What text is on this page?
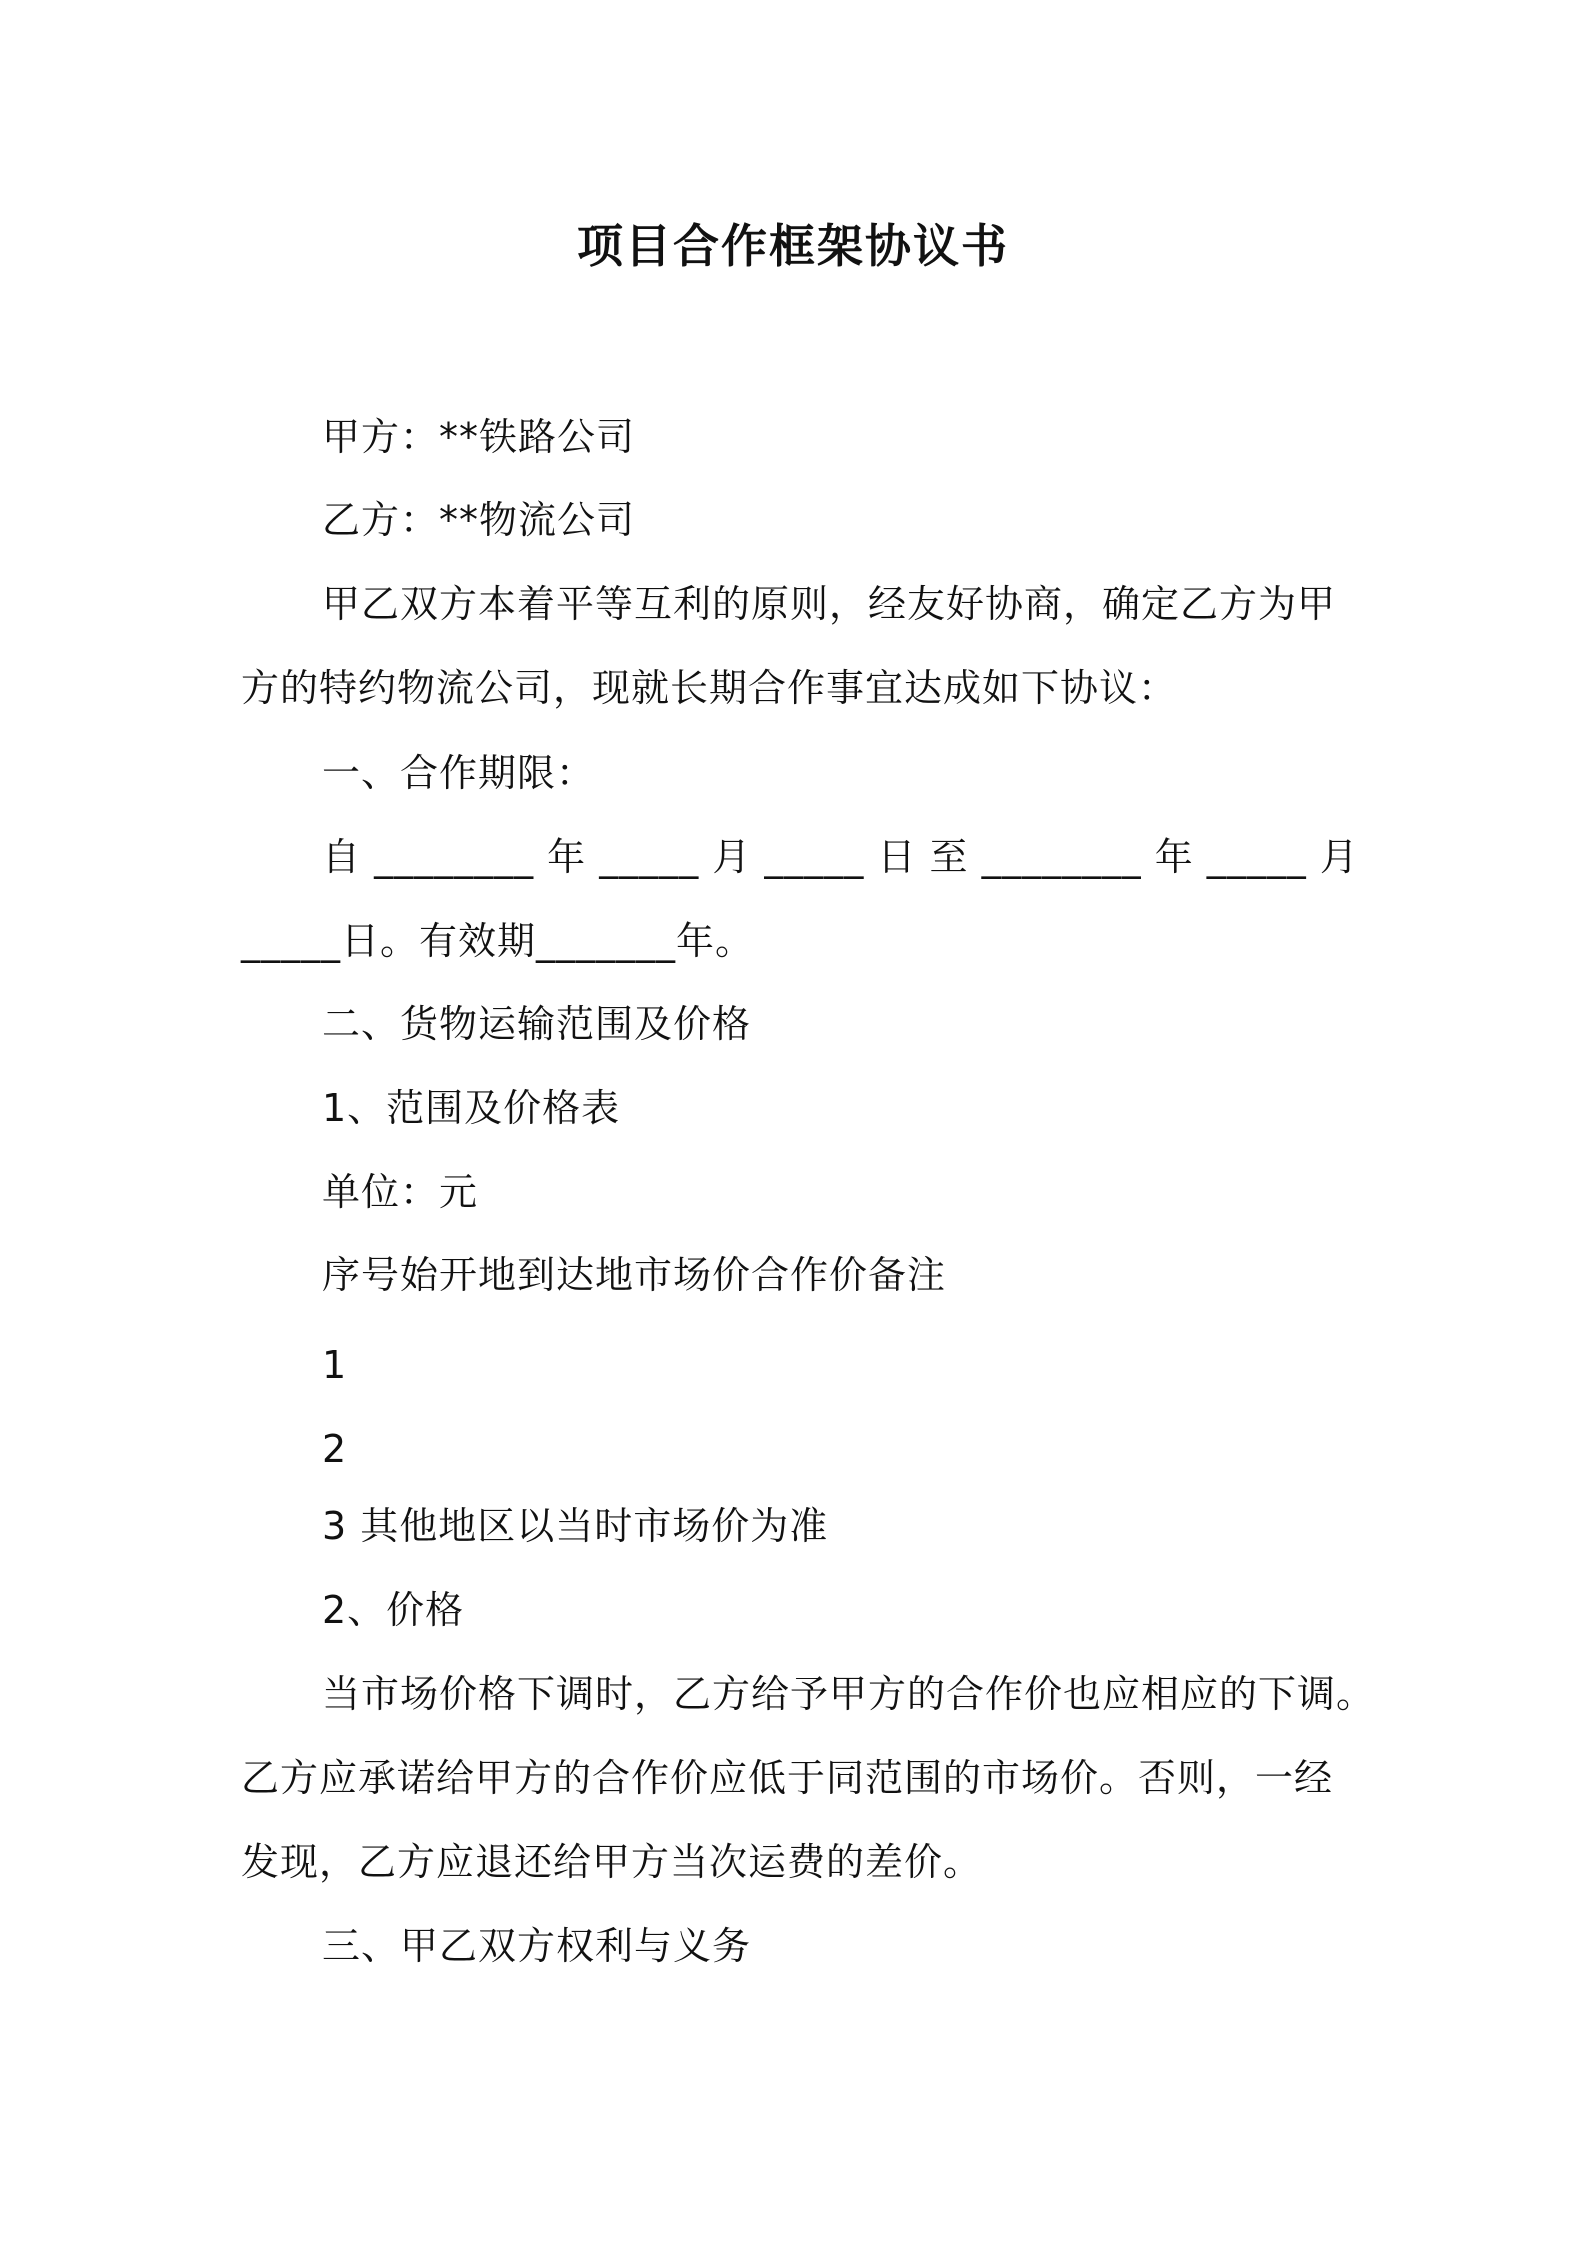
项目合作框架协议书
甲方：**铁路公司
乙方：**物流公司
甲乙双方本着平等互利的原则，经友好协商，确定乙方为甲
方的特约物流公司，现就长期合作事宜达成如下协议：
一、合作期限：
自 ________ 年 _____ 月 _____ 日 至 ________ 年 _____ 月
_____日。有效期_______年。
二、货物运输范围及价格
1、范围及价格表
单位：元
序号始开地到达地市场价合作价备注
1
2
3 其他地区以当时市场价为准
2、价格
当市场价格下调时，乙方给予甲方的合作价也应相应的下调。
乙方应承诺给甲方的合作价应低于同范围的市场价。否则，一经
发现，乙方应退还给甲方当次运费的差价。
三、甲乙双方权利与义务
